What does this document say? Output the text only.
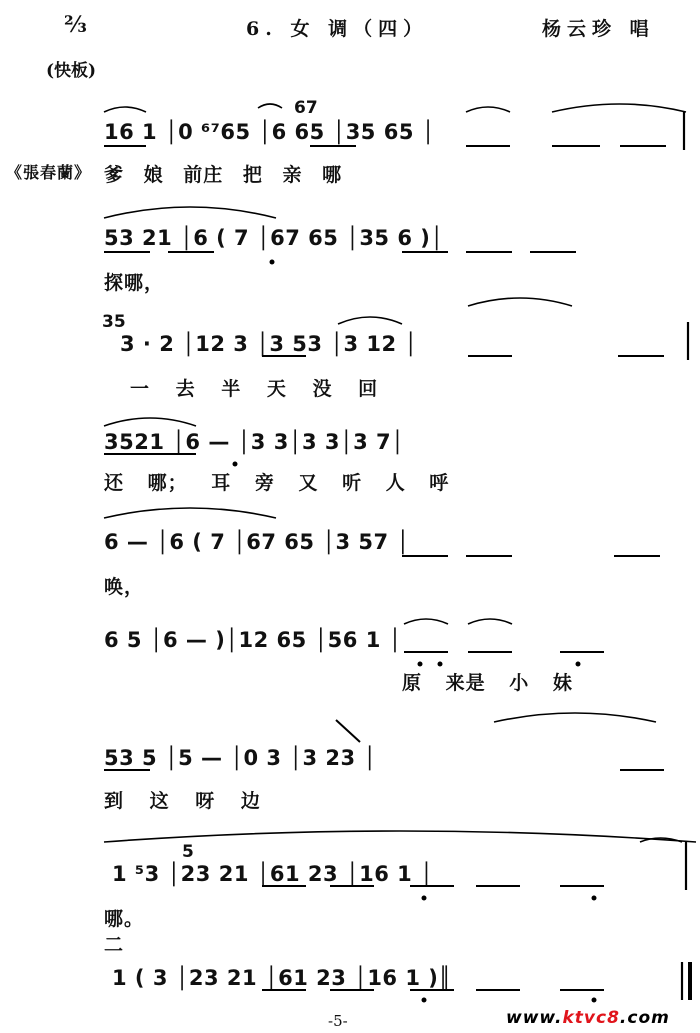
⅔	6. 女 调（四）	杨云珍 唱
(快板)
67
16 1 │0 ⁶⁷65 │6 65 │35 65 │
《張春蘭》 爹 娘 前庄 把 亲 哪
53 21 │6 ( 7 │67 65 │35 6 )│
探哪，
35
3 · 2 │12 3 │3 53 │3 12 │
一 去 半 天 没 回
3521 │6 — │3 3│3 3│3 7│
还 哪； 耳 旁 又 听 人 呼
6 — │6 ( 7 │67 65 │3 57 │
唤，
6 5 │6 — )│12 65 │56 1 │
原 来是 小 妹
53 5 │5 — │0 3 │3 23 │
到 这 呀 边
5
1 ⁵3 │23 21 │61 23 │16 1 │
哪。
二
1 ( 3 │23 21 │61 23 │16 1 )║
-5-	www.ktvc8.com
